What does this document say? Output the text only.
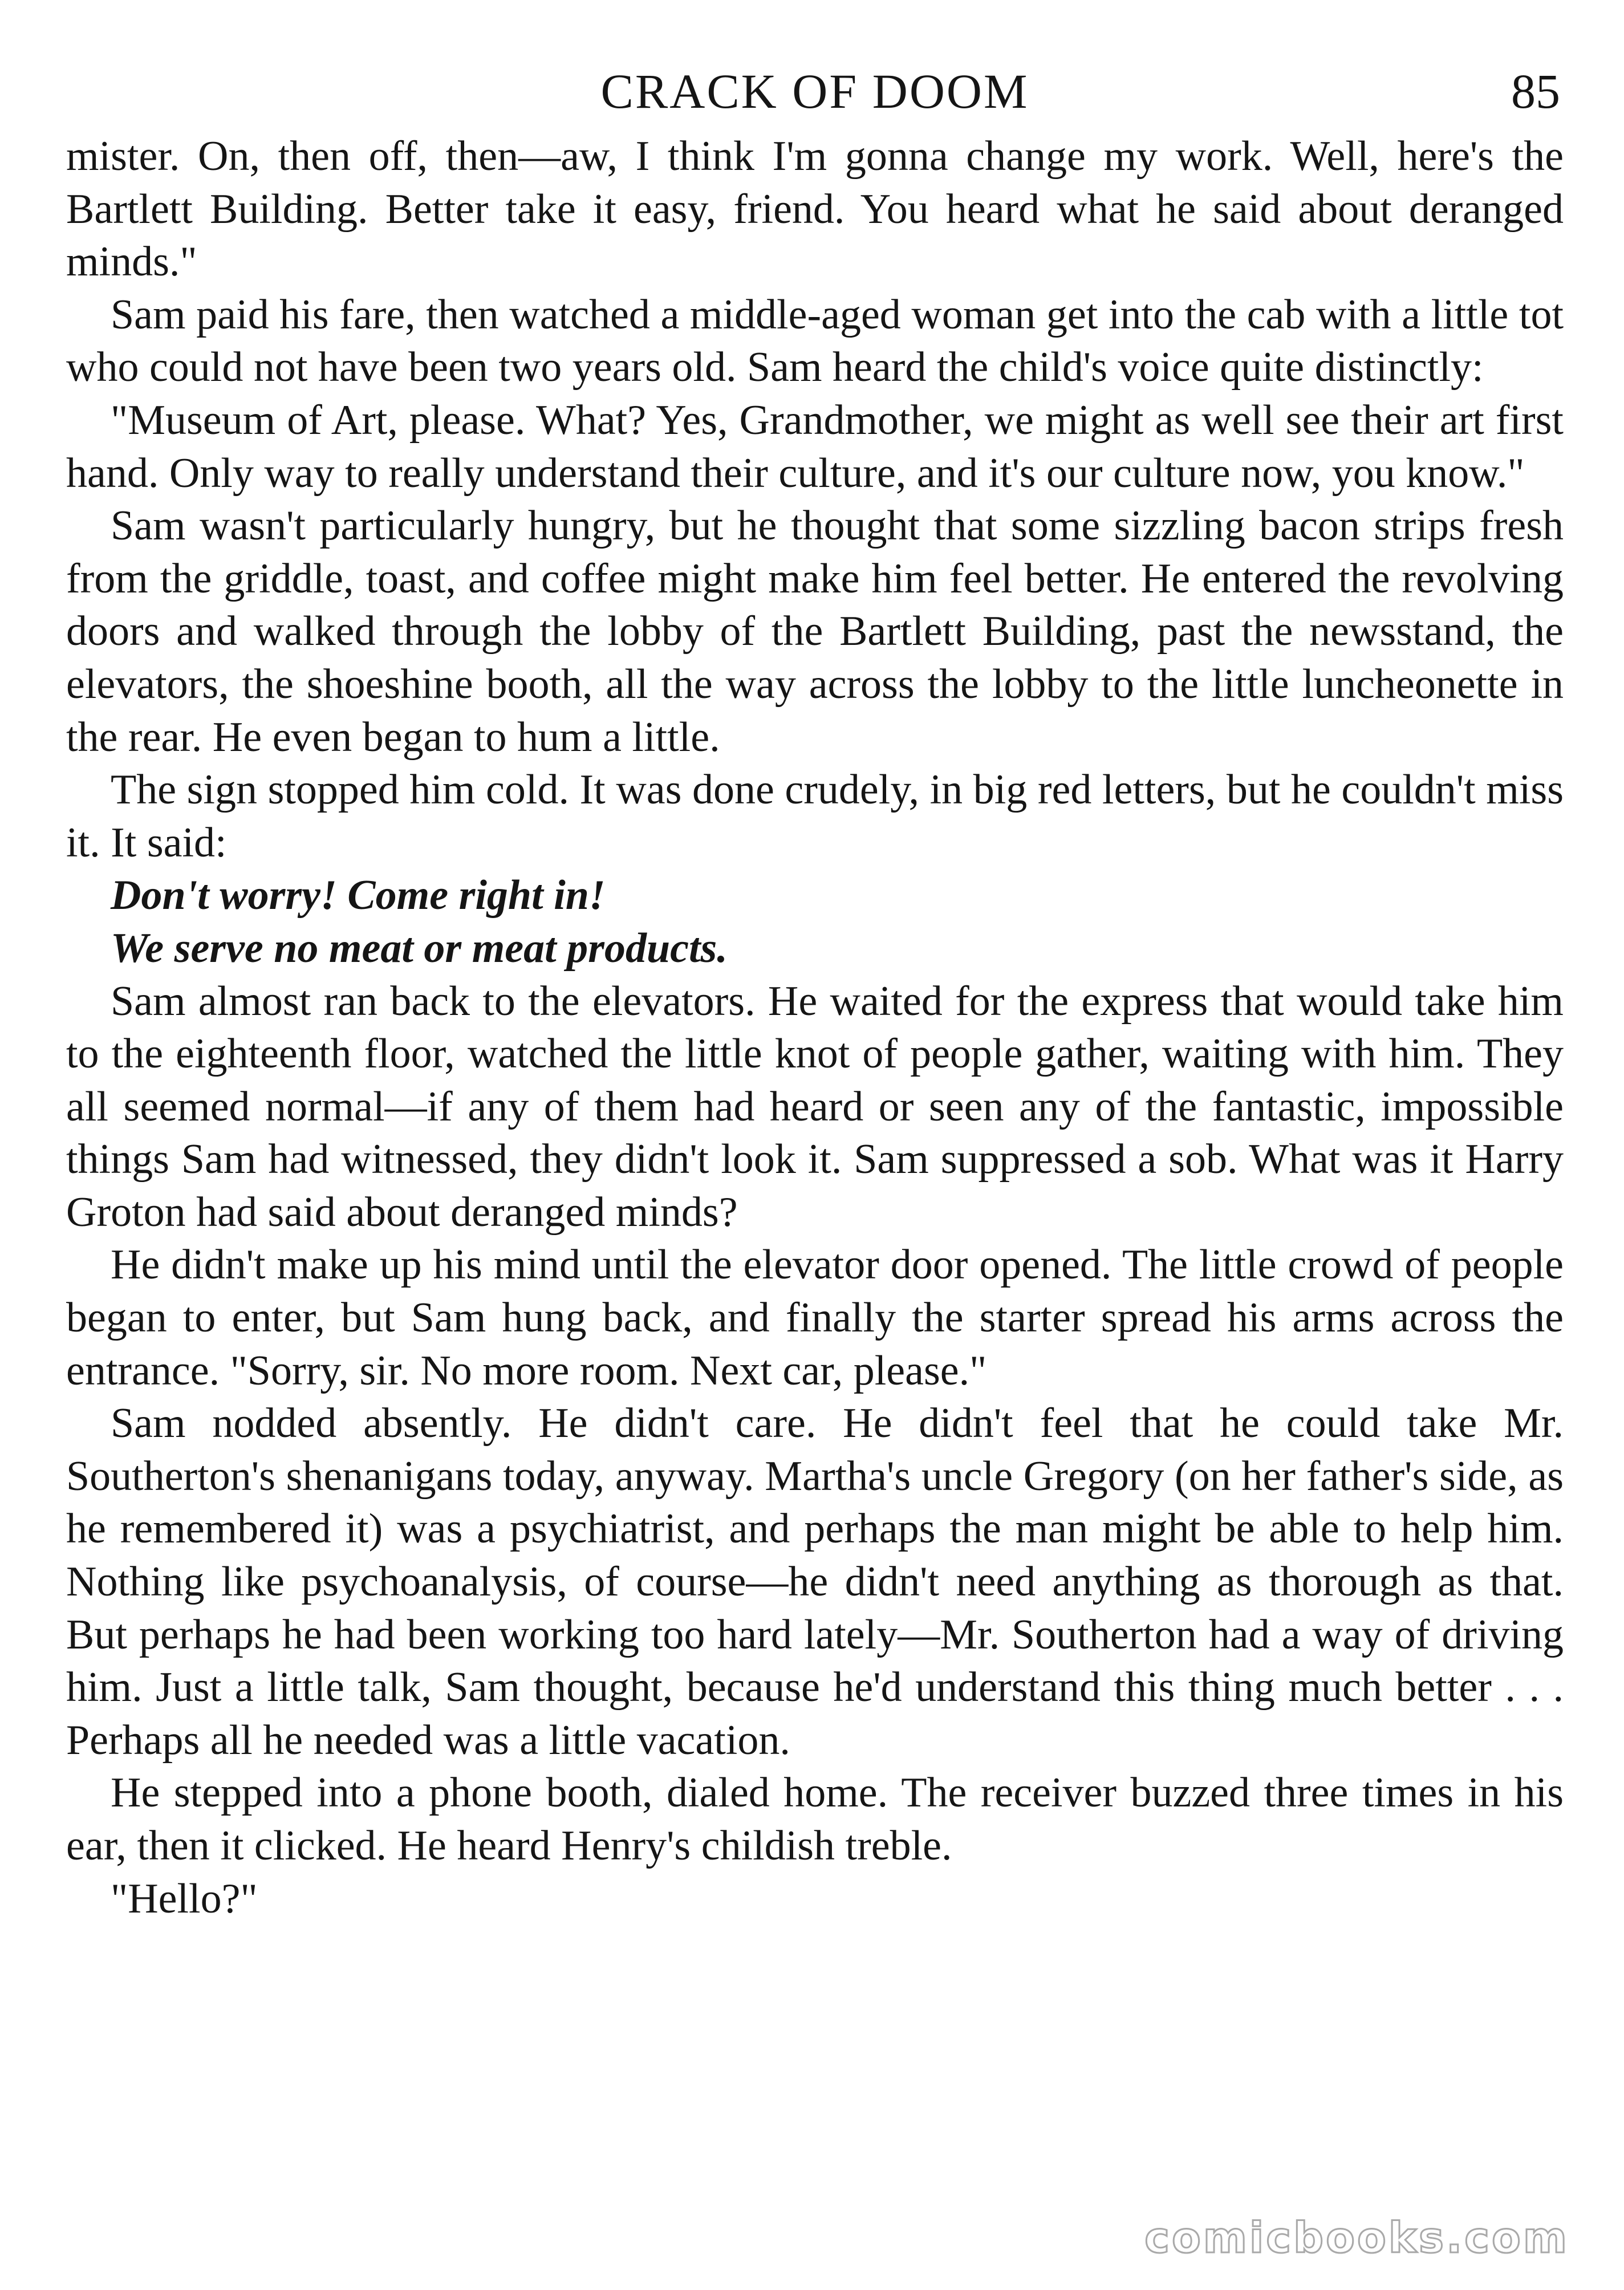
CRACK OF DOOM	85

mister. On, then off, then—aw, I think I'm gonna change my work. Well, here's the Bartlett Building. Better take it easy, friend. You heard what he said about deranged minds."

Sam paid his fare, then watched a middle-aged woman get into the cab with a little tot who could not have been two years old. Sam heard the child's voice quite distinctly:

"Museum of Art, please. What? Yes, Grandmother, we might as well see their art first hand. Only way to really understand their culture, and it's our culture now, you know."

Sam wasn't particularly hungry, but he thought that some sizzling bacon strips fresh from the griddle, toast, and coffee might make him feel better. He entered the revolving doors and walked through the lobby of the Bartlett Building, past the newsstand, the elevators, the shoeshine booth, all the way across the lobby to the little luncheonette in the rear. He even began to hum a little.

The sign stopped him cold. It was done crudely, in big red letters, but he couldn't miss it. It said:

Don't worry! Come right in!

We serve no meat or meat products.

Sam almost ran back to the elevators. He waited for the express that would take him to the eighteenth floor, watched the little knot of people gather, waiting with him. They all seemed normal—if any of them had heard or seen any of the fantastic, impossible things Sam had witnessed, they didn't look it. Sam suppressed a sob. What was it Harry Groton had said about deranged minds?

He didn't make up his mind until the elevator door opened. The little crowd of people began to enter, but Sam hung back, and finally the starter spread his arms across the entrance. "Sorry, sir. No more room. Next car, please."

Sam nodded absently. He didn't care. He didn't feel that he could take Mr. Southerton's shenanigans today, anyway. Martha's uncle Gregory (on her father's side, as he remembered it) was a psychiatrist, and perhaps the man might be able to help him. Nothing like psychoanalysis, of course—he didn't need anything as thorough as that. But perhaps he had been working too hard lately—Mr. Southerton had a way of driving him. Just a little talk, Sam thought, because he'd understand this thing much better . . . Perhaps all he needed was a little vacation.

He stepped into a phone booth, dialed home. The receiver buzzed three times in his ear, then it clicked. He heard Henry's childish treble.

"Hello?"

comicbooks.com
